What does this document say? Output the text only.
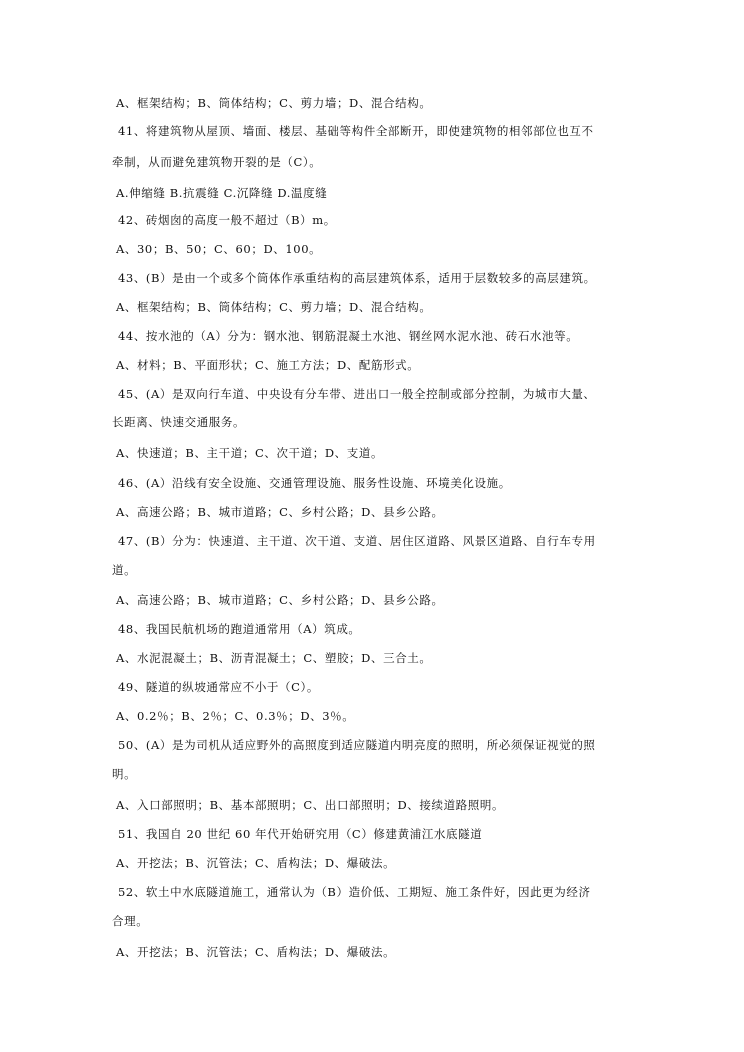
A、框架结构；B、筒体结构；C、剪力墙；D、混合结构。
41、将建筑物从屋顶、墙面、楼层、基础等构件全部断开，即使建筑物的相邻部位也互不
牵制，从而避免建筑物开裂的是（C）。
A.伸缩缝 B.抗震缝 C.沉降缝 D.温度缝
42、砖烟囱的高度一般不超过（B）m。
A、30；B、50；C、60；D、100。
43、(B）是由一个或多个筒体作承重结构的高层建筑体系，适用于层数较多的高层建筑。
A、框架结构；B、筒体结构；C、剪力墙；D、混合结构。
44、按水池的（A）分为：钢水池、钢筋混凝土水池、钢丝网水泥水池、砖石水池等。
A、材料；B、平面形状；C、施工方法；D、配筋形式。
45、(A）是双向行车道、中央设有分车带、进出口一般全控制或部分控制，为城市大量、
长距离、快速交通服务。
A、快速道；B、主干道；C、次干道；D、支道。
46、(A）沿线有安全设施、交通管理设施、服务性设施、环境美化设施。
A、高速公路；B、城市道路；C、乡村公路；D、县乡公路。
47、(B）分为：快速道、主干道、次干道、支道、居住区道路、风景区道路、自行车专用
道。
A、高速公路；B、城市道路；C、乡村公路；D、县乡公路。
48、我国民航机场的跑道通常用（A）筑成。
A、水泥混凝土；B、沥青混凝土；C、塑胶；D、三合土。
49、隧道的纵坡通常应不小于（C）。
A、0.2％；B、2％；C、0.3％；D、3％。
50、(A）是为司机从适应野外的高照度到适应隧道内明亮度的照明，所必须保证视觉的照
明。
A、入口部照明；B、基本部照明；C、出口部照明；D、接续道路照明。
51、我国自 20 世纪 60 年代开始研究用（C）修建黄浦江水底隧道
A、开挖法；B、沉管法；C、盾构法；D、爆破法。
52、软土中水底隧道施工，通常认为（B）造价低、工期短、施工条件好，因此更为经济
合理。
A、开挖法；B、沉管法；C、盾构法；D、爆破法。
